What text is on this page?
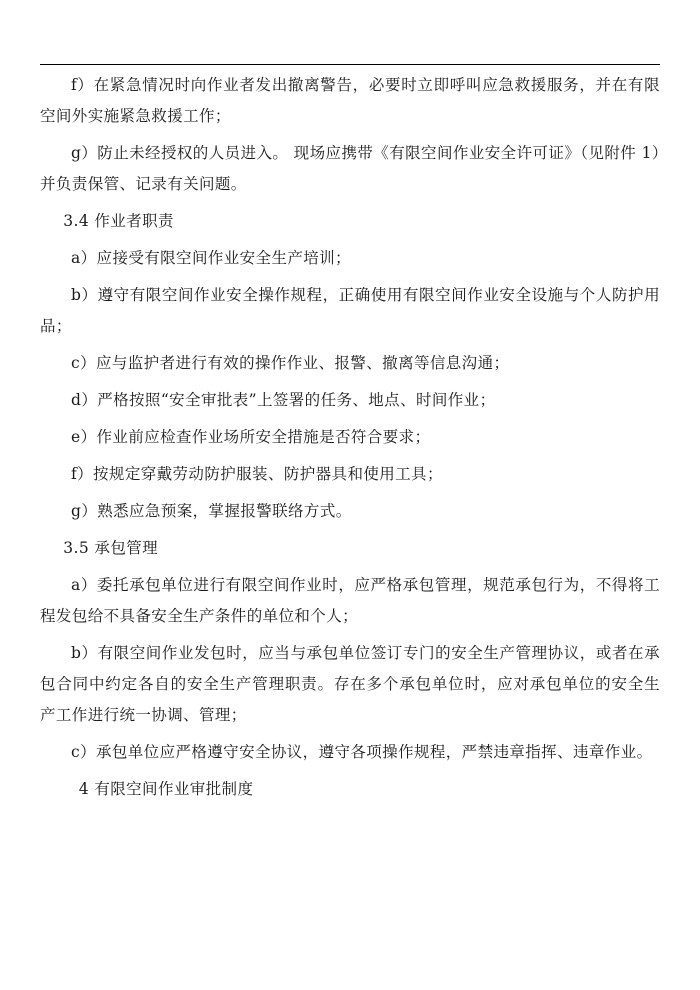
f）在紧急情况时向作业者发出撤离警告，必要时立即呼叫应急救援服务，并在有限空间外实施紧急救援工作；

g）防止未经授权的人员进入。 现场应携带《有限空间作业安全许可证》（见附件 1）并负责保管、记录有关问题。

3.4 作业者职责

a）应接受有限空间作业安全生产培训；

b）遵守有限空间作业安全操作规程，正确使用有限空间作业安全设施与个人防护用品；

c）应与监护者进行有效的操作作业、报警、撤离等信息沟通；

d）严格按照“安全审批表”上签署的任务、地点、时间作业；

e）作业前应检查作业场所安全措施是否符合要求；

f）按规定穿戴劳动防护服装、防护器具和使用工具；

g）熟悉应急预案，掌握报警联络方式。

3.5 承包管理

a）委托承包单位进行有限空间作业时，应严格承包管理，规范承包行为，不得将工程发包给不具备安全生产条件的单位和个人；

b）有限空间作业发包时，应当与承包单位签订专门的安全生产管理协议，或者在承包合同中约定各自的安全生产管理职责。存在多个承包单位时，应对承包单位的安全生产工作进行统一协调、管理；

c）承包单位应严格遵守安全协议，遵守各项操作规程，严禁违章指挥、违章作业。

4 有限空间作业审批制度
